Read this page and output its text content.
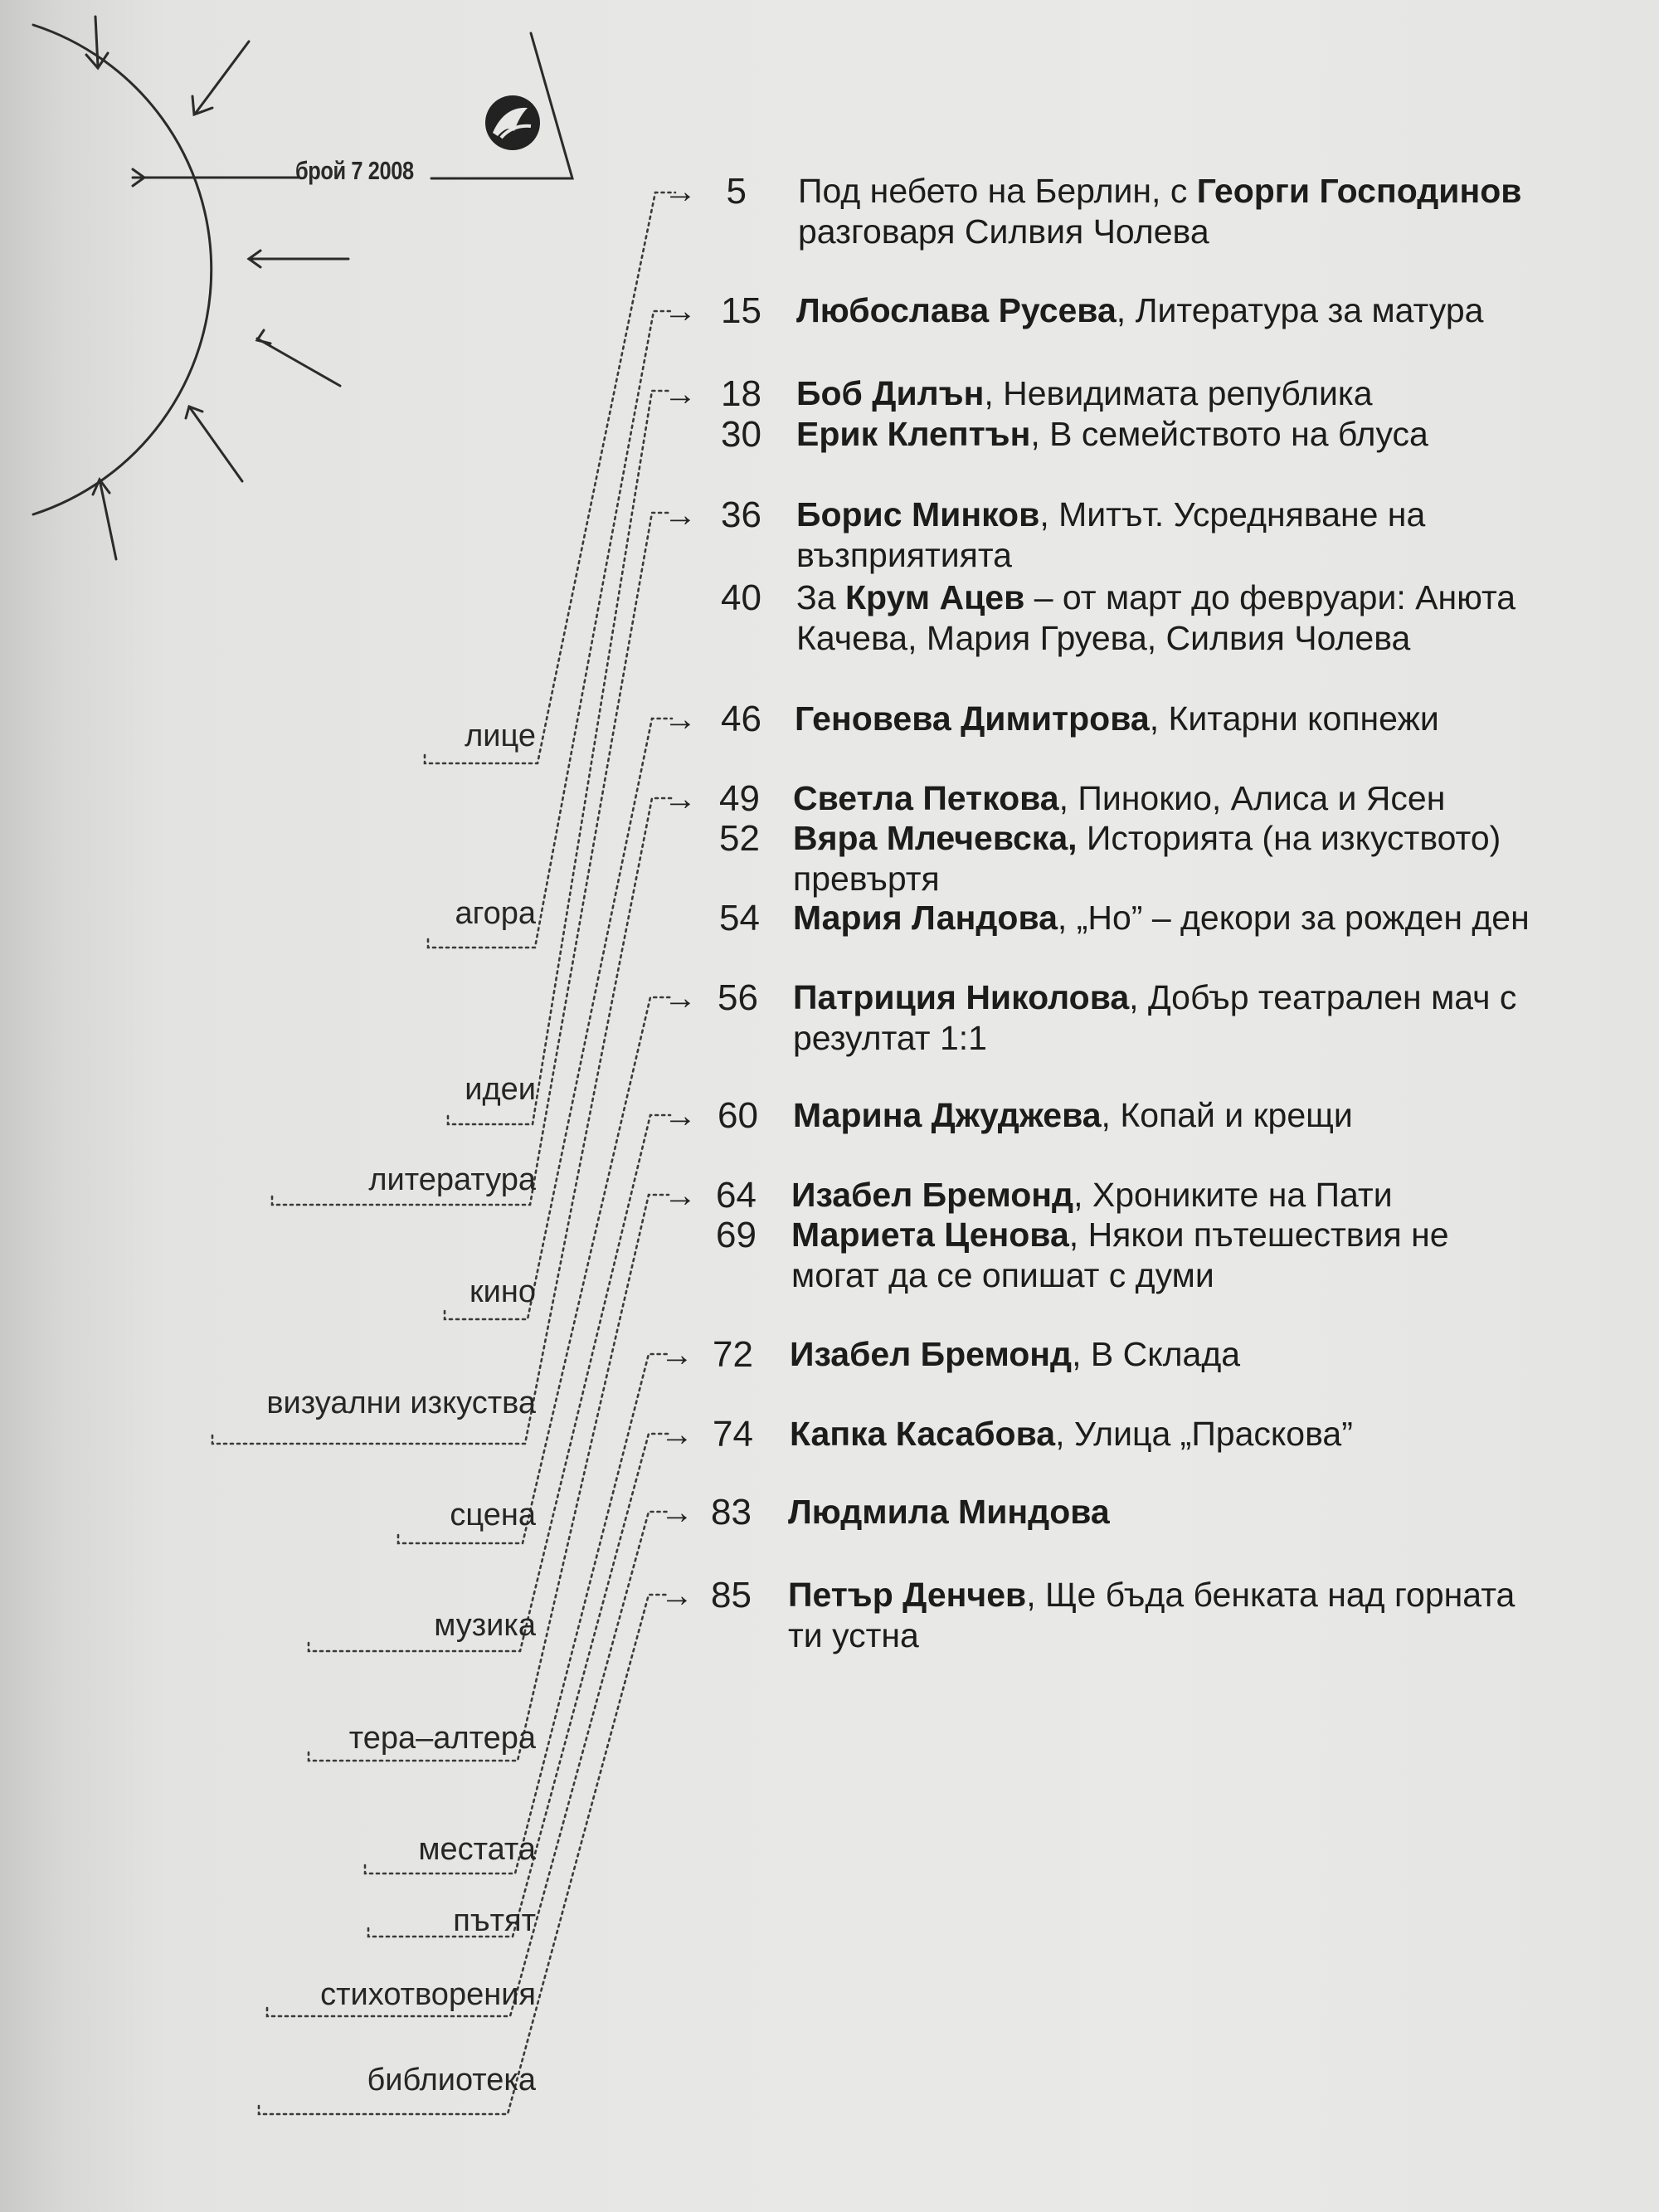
брой 7 2008
лице
агора
идеи
литература
кино
визуални изкуства
сцена
музика
тера–алтера
местата
пътят
стихотворения
библиотека
→ 5 Под небето на Берлин, с Георги Господинов
разговаря Силвия Чолева
→ 15 Любослава Русева, Литература за матура
→ 18 Боб Дилън, Невидимата република
30 Ерик Клептън, В семейството на блуса
→ 36 Борис Минков, Митът. Усредняване на
възприятията
40 За Крум Ацев – от март до февруари: Анюта
Качева, Мария Груева, Силвия Чолева
→ 46 Геновева Димитрова, Китарни копнежи
→ 49 Светла Петкова, Пинокио, Алиса и Ясен
52 Вяра Млечевска, Историята (на изкуството)
превъртя
54 Мария Ландова, „Но” – декори за рожден ден
→ 56 Патриция Николова, Добър театрален мач с
резултат 1:1
→ 60 Марина Джуджева, Копай и крещи
→ 64 Изабел Бремонд, Хрониките на Пати
69 Мариета Ценова, Някои пътешествия не
могат да се опишат с думи
→ 72 Изабел Бремонд, В Склада
→ 74 Капка Касабова, Улица „Праскова”
→ 83 Людмила Миндова
→ 85 Петър Денчев, Ще бъда бенката над горната
ти устна
